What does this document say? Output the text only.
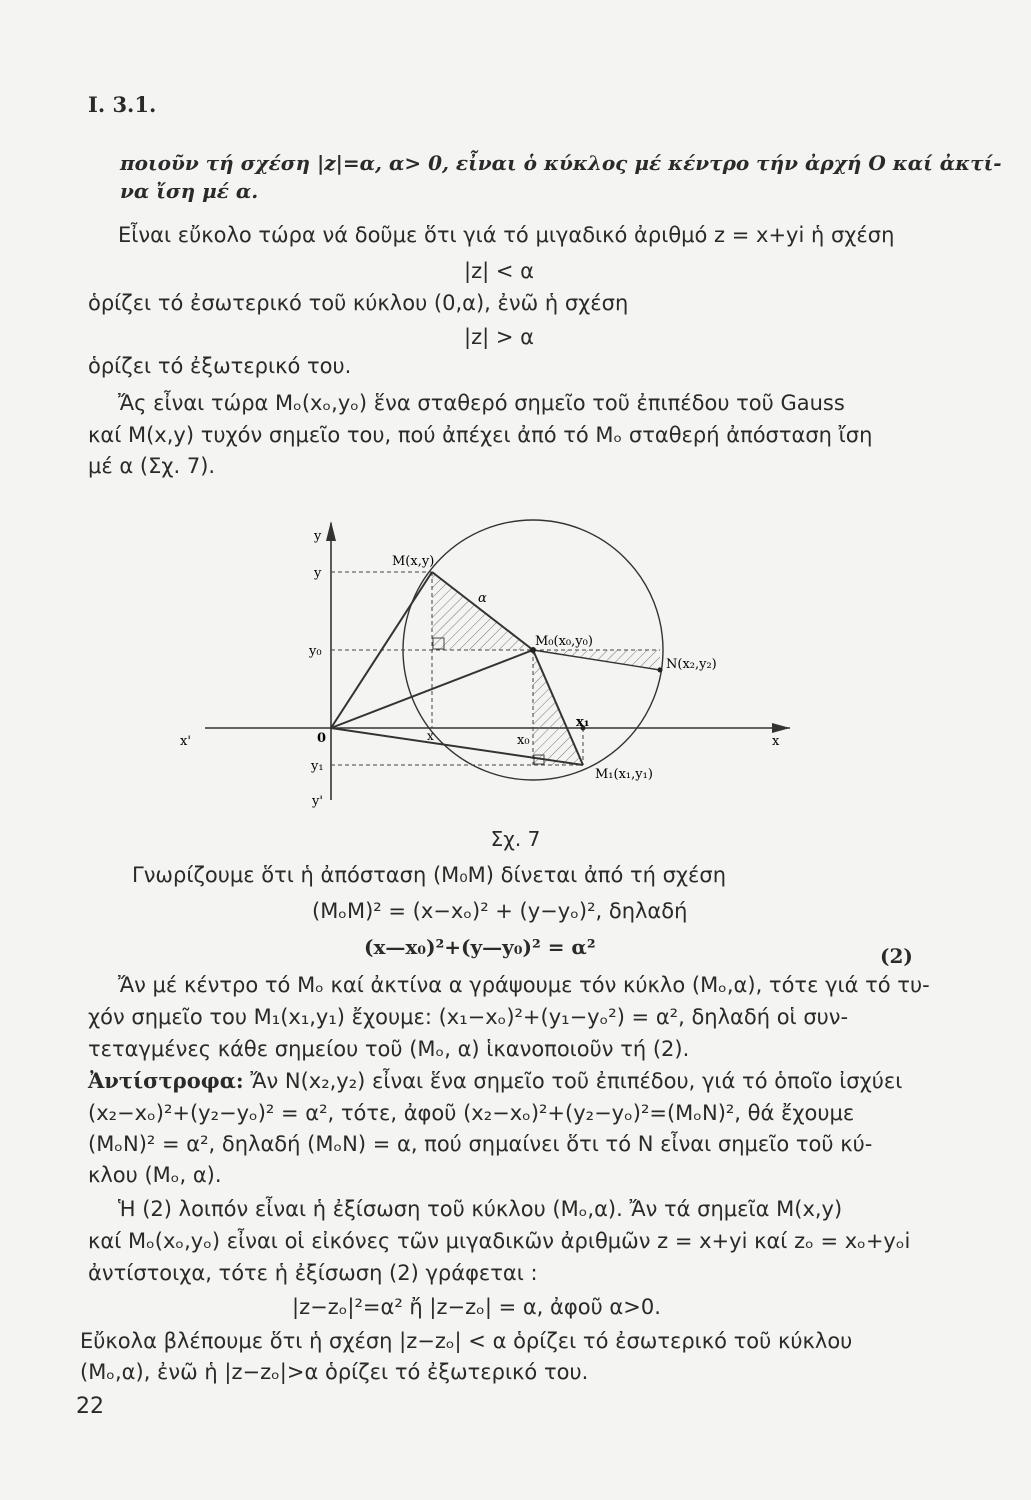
I. 3.1.
ποιοῦν τή σχέση |z|=α, α> 0, εἶναι ὁ κύκλος μέ κέντρο τήν ἀρχή O καί ἀκτί-
να ἴση μέ α.
Εἶναι εὔκολο τώρα νά δοῦμε ὅτι γιά τό μιγαδικό ἀριθμό z = x+yi ἡ σχέση
|z| < α
ὁρίζει τό ἐσωτερικό τοῦ κύκλου (0,α), ἐνῶ ἡ σχέση
|z| > α
ὁρίζει τό ἐξωτερικό του.
Ἄς εἶναι τώρα Mₒ(xₒ,yₒ) ἕνα σταθερό σημεῖο τοῦ ἐπιπέδου τοῦ Gauss
καί M(x,y) τυχόν σημεῖο του, πού ἀπέχει ἀπό τό Mₒ σταθερή ἀπόσταση ἴση
μέ α (Σχ. 7).
y
y
y₀
0
y₁
y'
x'	x
x	x₀
x₁
M(x,y)
α
M₀(x₀,y₀)
N(x₂,y₂)
M₁(x₁,y₁)
Σχ. 7
Γνωρίζουμε ὅτι ἡ ἀπόσταση (M₀M) δίνεται ἀπό τή σχέση
(MₒM)² = (x−xₒ)² + (y−yₒ)², δηλαδή
(x—x₀)²+(y—y₀)² = α²	(2)
Ἄν μέ κέντρο τό Mₒ καί ἀκτίνα α γράψουμε τόν κύκλο (Mₒ,α), τότε γιά τό τυ-
χόν σημεῖο του M₁(x₁,y₁) ἔχουμε: (x₁−xₒ)²+(y₁−yₒ²) = α², δηλαδή οἱ συν-
τεταγμένες κάθε σημείου τοῦ (Mₒ, α) ἱκανοποιοῦν τή (2).
Ἀντίστροφα: Ἄν N(x₂,y₂) εἶναι ἕνα σημεῖο τοῦ ἐπιπέδου, γιά τό ὁποῖο ἰσχύει
(x₂−xₒ)²+(y₂−yₒ)² = α², τότε, ἀφοῦ (x₂−xₒ)²+(y₂−yₒ)²=(MₒN)², θά ἔχουμε
(MₒN)² = α², δηλαδή (MₒN) = α, πού σημαίνει ὅτι τό N εἶναι σημεῖο τοῦ κύ-
κλου (Mₒ, α).
Ἡ (2) λοιπόν εἶναι ἡ ἐξίσωση τοῦ κύκλου (Mₒ,α). Ἄν τά σημεῖα M(x,y)
καί Mₒ(xₒ,yₒ) εἶναι οἱ εἰκόνες τῶν μιγαδικῶν ἀριθμῶν z = x+yi καί zₒ = xₒ+yₒi
ἀντίστοιχα, τότε ἡ ἐξίσωση (2) γράφεται :
|z−zₒ|²=α² ἤ |z−zₒ| = α, ἀφοῦ α>0.
Εὔκολα βλέπουμε ὅτι ἡ σχέση |z−zₒ| < α ὁρίζει τό ἐσωτερικό τοῦ κύκλου
(Mₒ,α), ἐνῶ ἡ |z−zₒ|>α ὁρίζει τό ἐξωτερικό του.
22
